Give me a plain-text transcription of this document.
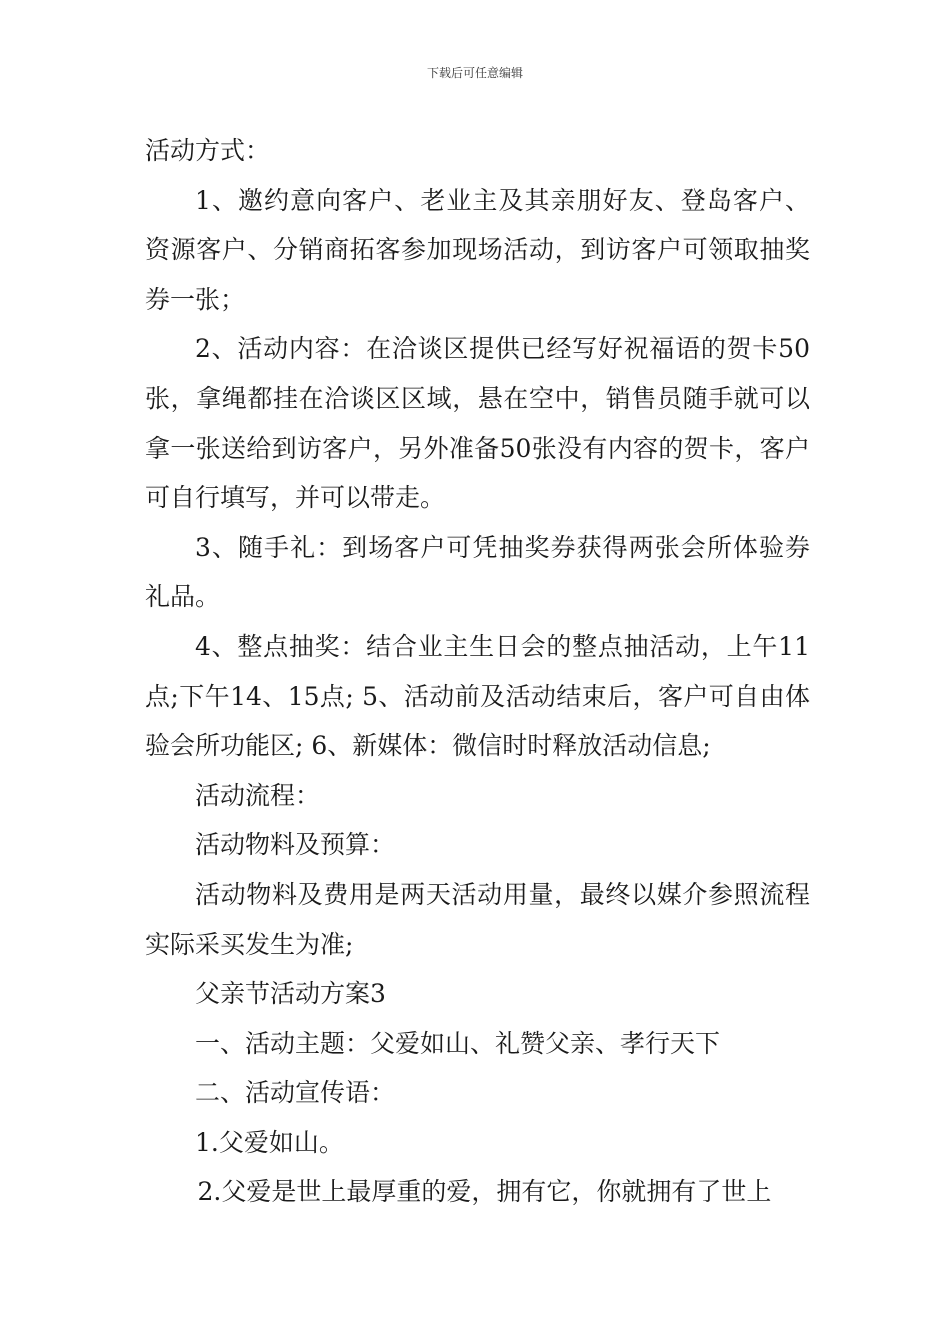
下载后可任意编辑

活动方式：

1、邀约意向客户、老业主及其亲朋好友、登岛客户、资源客户、分销商拓客参加现场活动，到访客户可领取抽奖券一张；

2、活动内容：在洽谈区提供已经写好祝福语的贺卡50张，拿绳都挂在洽谈区区域，悬在空中，销售员随手就可以拿一张送给到访客户，另外准备50张没有内容的贺卡，客户可自行填写，并可以带走。

3、随手礼：到场客户可凭抽奖券获得两张会所体验券礼品。

4、整点抽奖：结合业主生日会的整点抽活动，上午11点;下午14、15点; 5、活动前及活动结束后，客户可自由体验会所功能区; 6、新媒体：微信时时释放活动信息;

活动流程：

活动物料及预算：

活动物料及费用是两天活动用量，最终以媒介参照流程实际采买发生为准;

父亲节活动方案3

一、活动主题：父爱如山、礼赞父亲、孝行天下

二、活动宣传语：

1.父爱如山。

2.父爱是世上最厚重的爱，拥有它，你就拥有了世上
